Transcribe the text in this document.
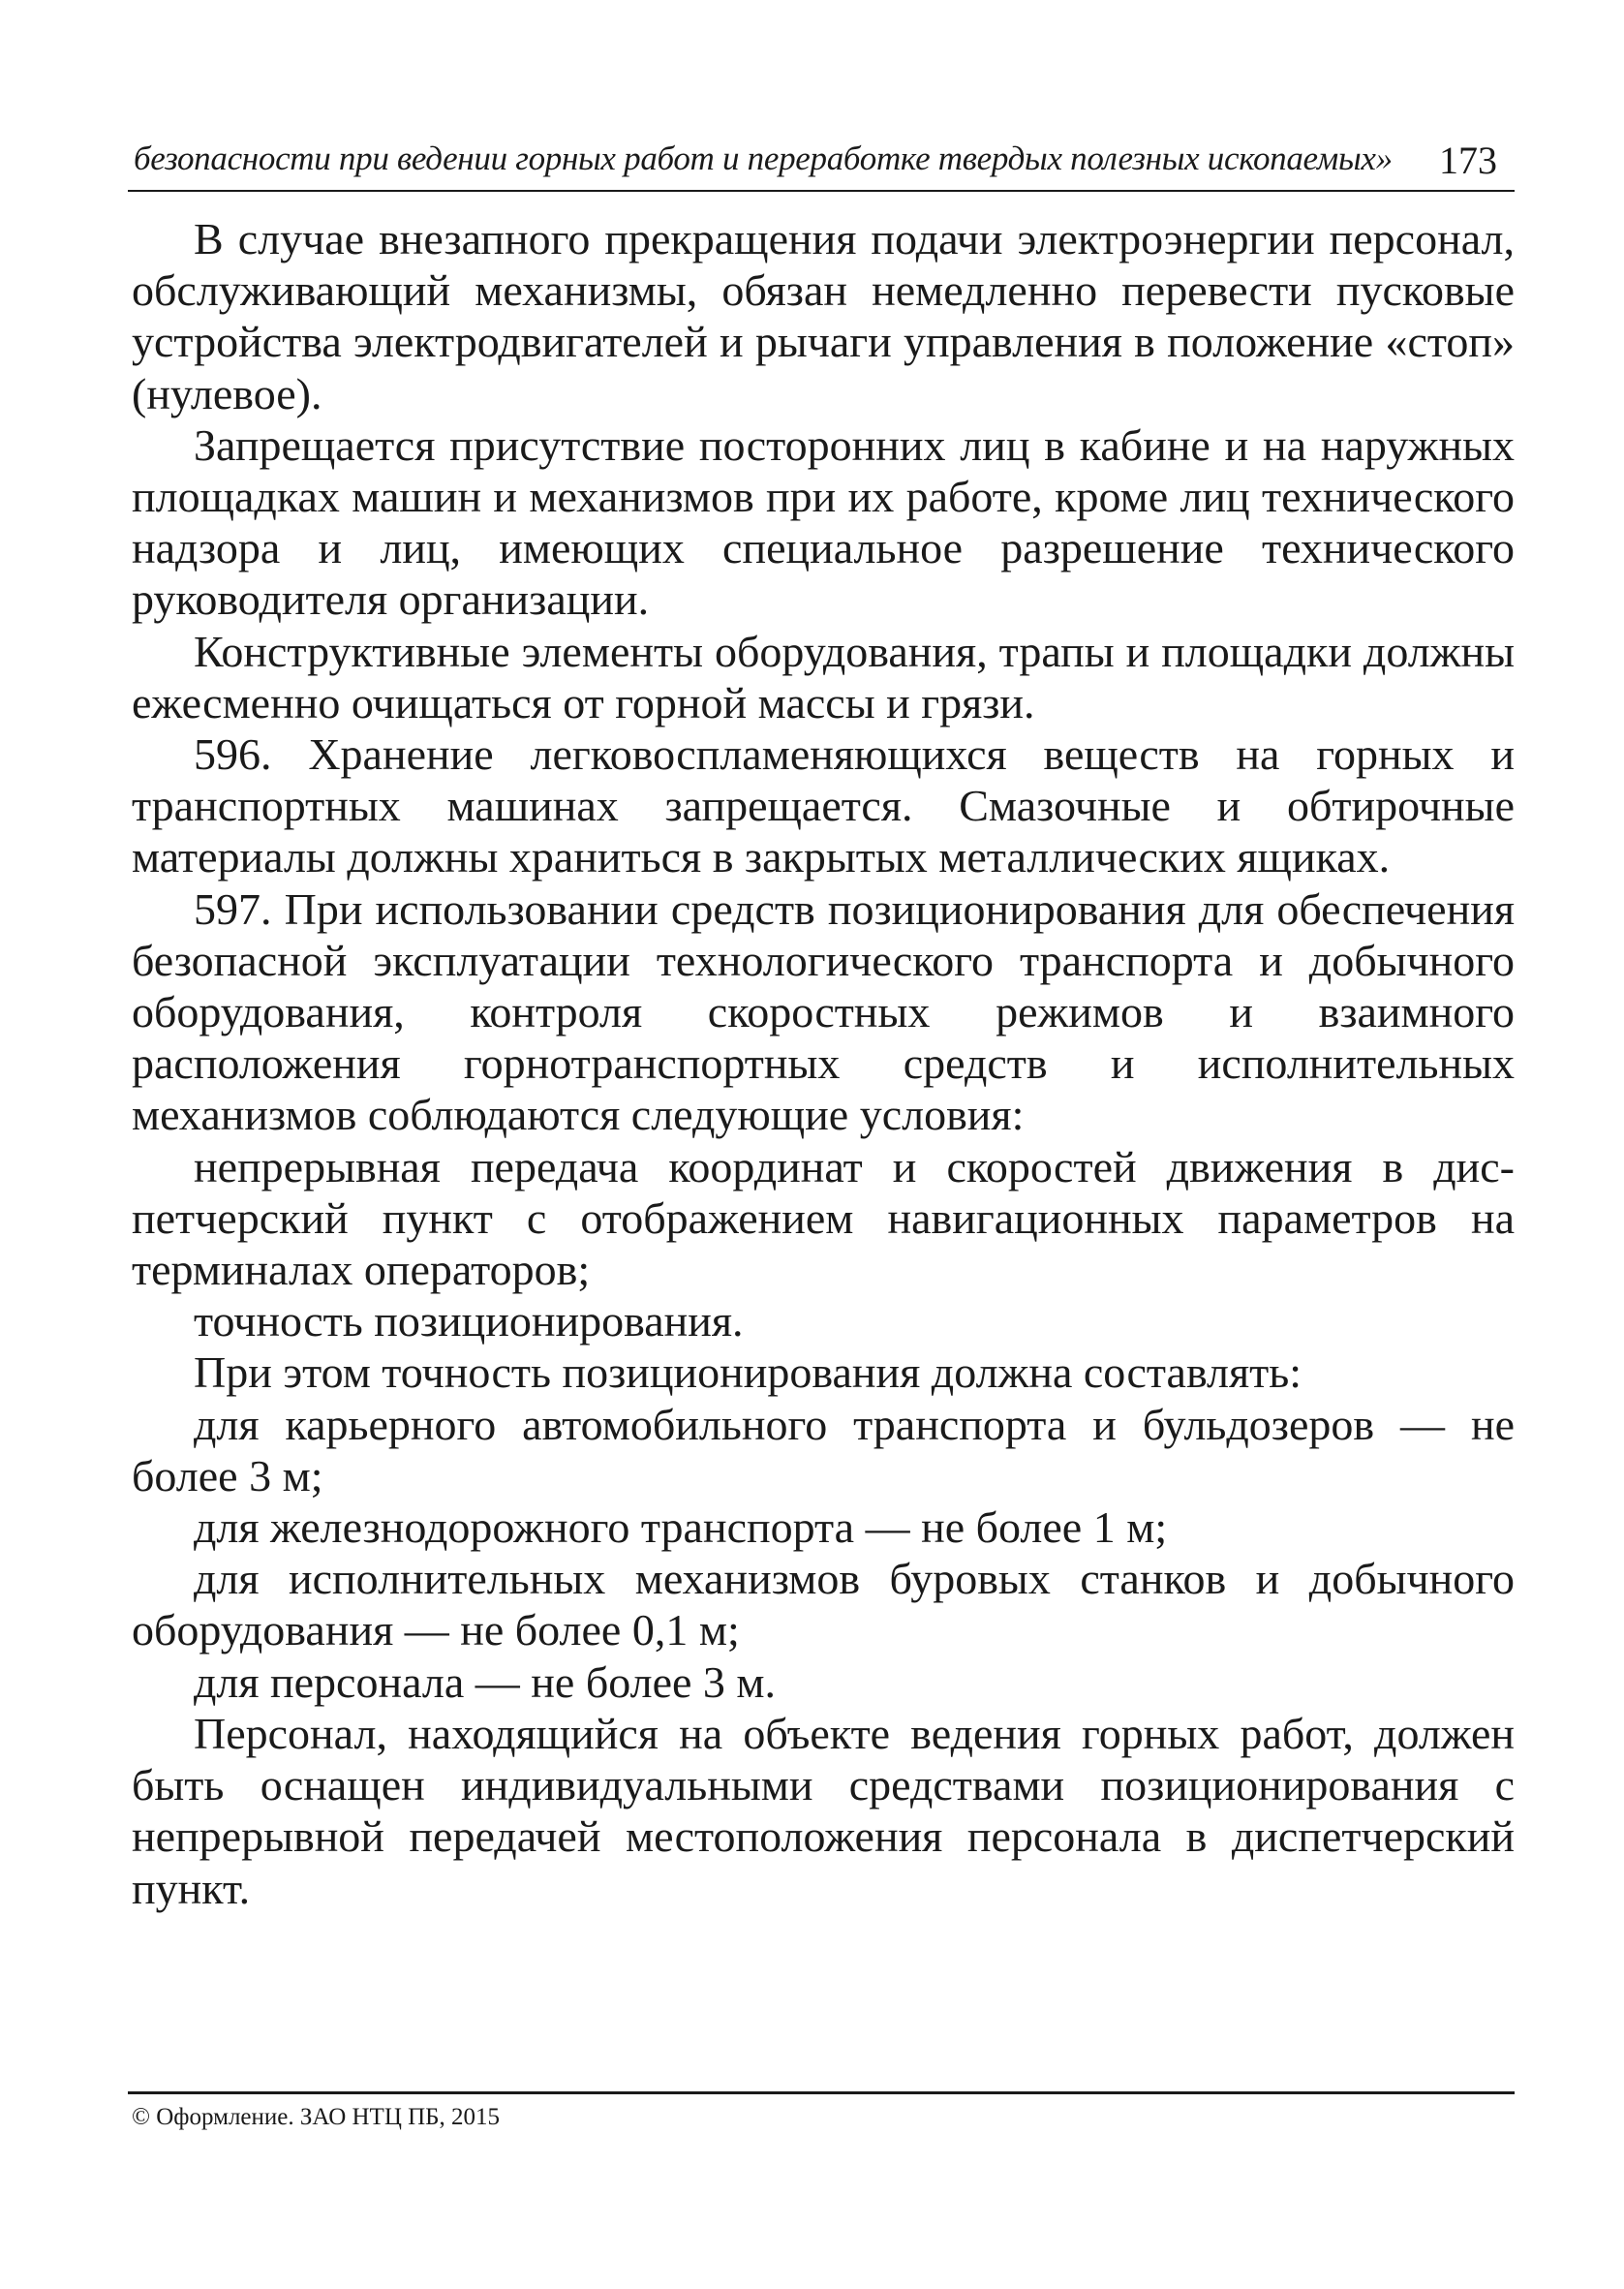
безопасности при ведении горных работ и переработке твердых полезных ископаемых» 173

В случае внезапного прекращения подачи электроэнергии персонал, обслуживающий механизмы, обязан немедленно перевести пусковые устройства электродвигателей и рычаги управления в положение «стоп» (нулевое).

Запрещается присутствие посторонних лиц в кабине и на наружных площадках машин и механизмов при их работе, кроме лиц технического надзора и лиц, имеющих специальное разрешение технического руководителя организации.

Конструктивные элементы оборудования, трапы и площадки должны ежесменно очищаться от горной массы и грязи.

596. Хранение легковоспламеняющихся веществ на горных и транспортных машинах запрещается. Смазочные и обтирочные материалы должны храниться в закрытых металлических ящиках.

597. При использовании средств позиционирования для обеспечения безопасной эксплуатации технологического транспорта и добычного оборудования, контроля скоростных режимов и взаимного расположения горнотранспортных средств и исполнительных механизмов соблюдаются следующие условия:

непрерывная передача координат и скоростей движения в диспетчерский пункт с отображением навигационных параметров на терминалах операторов;

точность позиционирования.

При этом точность позиционирования должна составлять:

для карьерного автомобильного транспорта и бульдозеров — не более 3 м;

для железнодорожного транспорта — не более 1 м;

для исполнительных механизмов буровых станков и добычного оборудования — не более 0,1 м;

для персонала — не более 3 м.

Персонал, находящийся на объекте ведения горных работ, должен быть оснащен индивидуальными средствами позиционирования с непрерывной передачей местоположения персонала в диспетчерский пункт.

© Оформление. ЗАО НТЦ ПБ, 2015
